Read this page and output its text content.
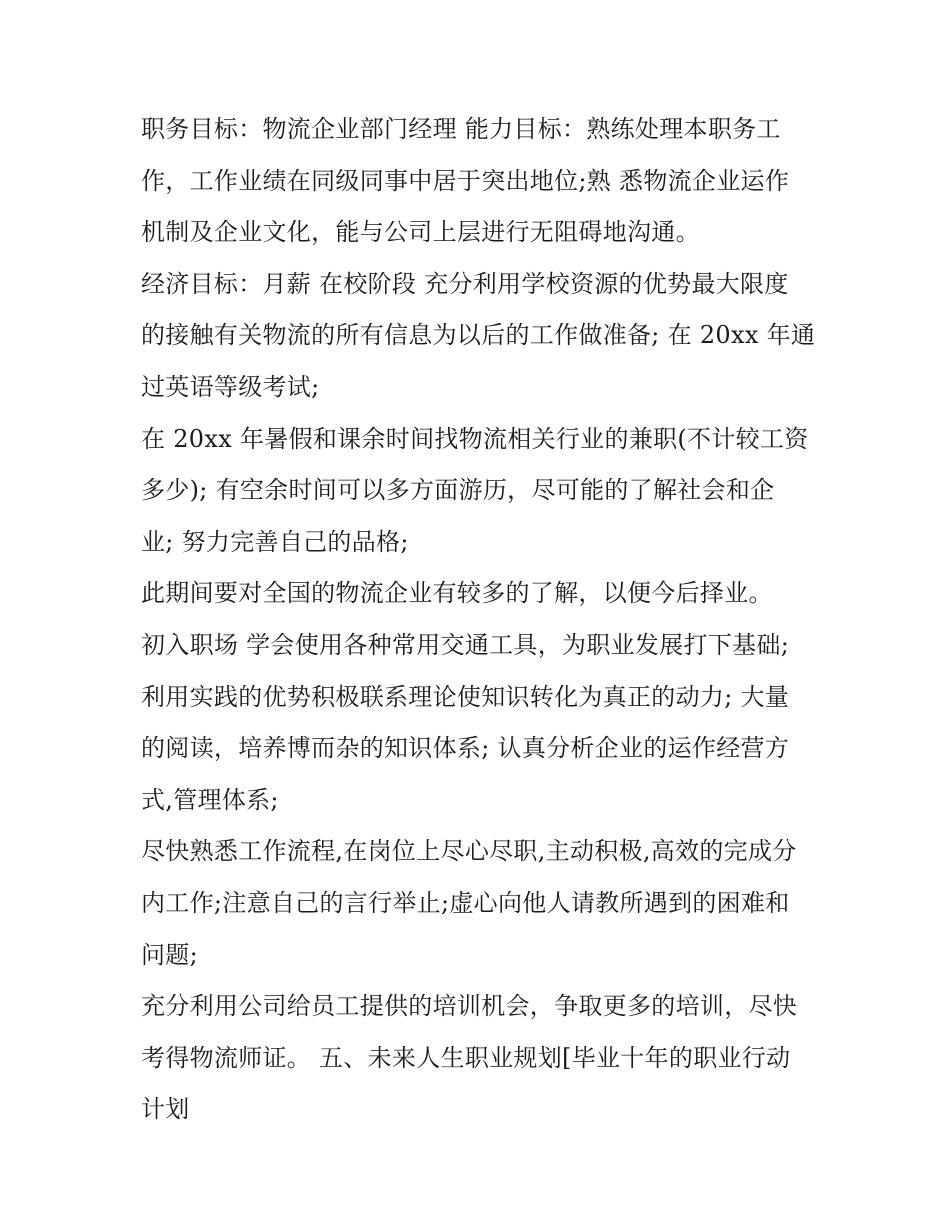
职务目标：物流企业部门经理 能力目标：熟练处理本职务工
作，工作业绩在同级同事中居于突出地位;熟 悉物流企业运作
机制及企业文化，能与公司上层进行无阻碍地沟通。
经济目标：月薪 在校阶段 充分利用学校资源的优势最大限度
的接触有关物流的所有信息为以后的工作做准备; 在 20xx 年通
过英语等级考试;
在 20xx 年暑假和课余时间找物流相关行业的兼职(不计较工资
多少); 有空余时间可以多方面游历，尽可能的了解社会和企
业; 努力完善自己的品格;
此期间要对全国的物流企业有较多的了解，以便今后择业。
初入职场 学会使用各种常用交通工具，为职业发展打下基础;
利用实践的优势积极联系理论使知识转化为真正的动力; 大量
的阅读，培养博而杂的知识体系; 认真分析企业的运作经营方
式,管理体系;
尽快熟悉工作流程,在岗位上尽心尽职,主动积极,高效的完成分
内工作;注意自己的言行举止;虚心向他人请教所遇到的困难和
问题;
充分利用公司给员工提供的培训机会，争取更多的培训，尽快
考得物流师证。 五、未来人生职业规划[毕业十年的职业行动
计划
